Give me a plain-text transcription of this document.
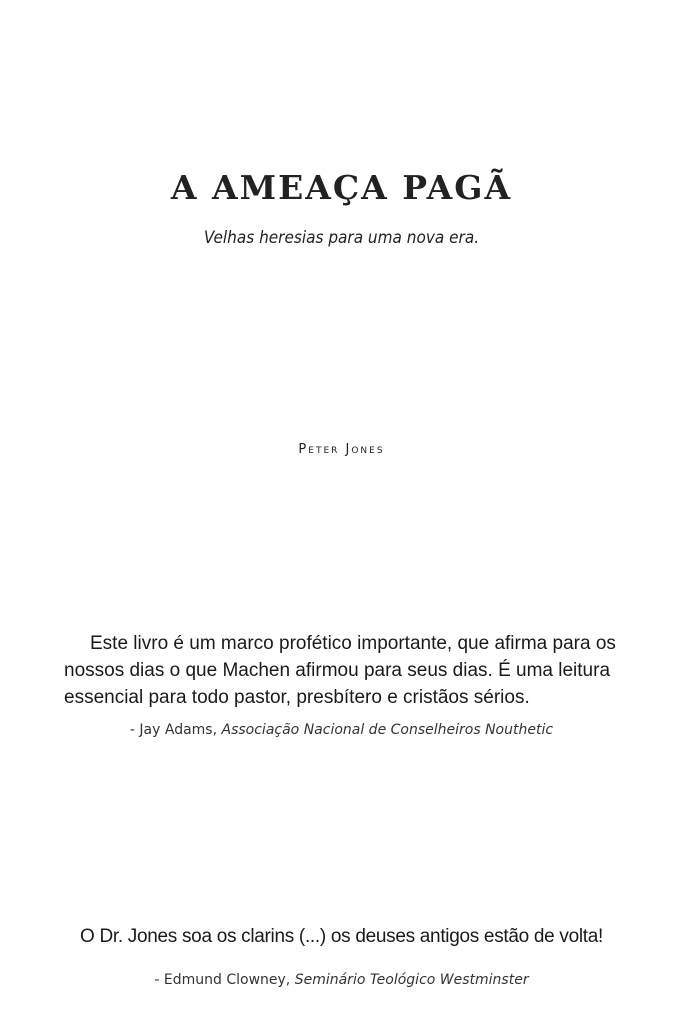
A AMEAÇA PAGÃ
Velhas heresias para uma nova era.
Peter Jones
Este livro é um marco profético importante, que afirma para os nossos dias o que Machen afirmou para seus dias. É uma leitura essencial para todo pastor, presbítero e cristãos sérios.
- Jay Adams, Associação Nacional de Conselheiros Nouthetic
O Dr. Jones soa os clarins (...) os deuses antigos estão de volta!
- Edmund Clowney, Seminário Teológico Westminster
